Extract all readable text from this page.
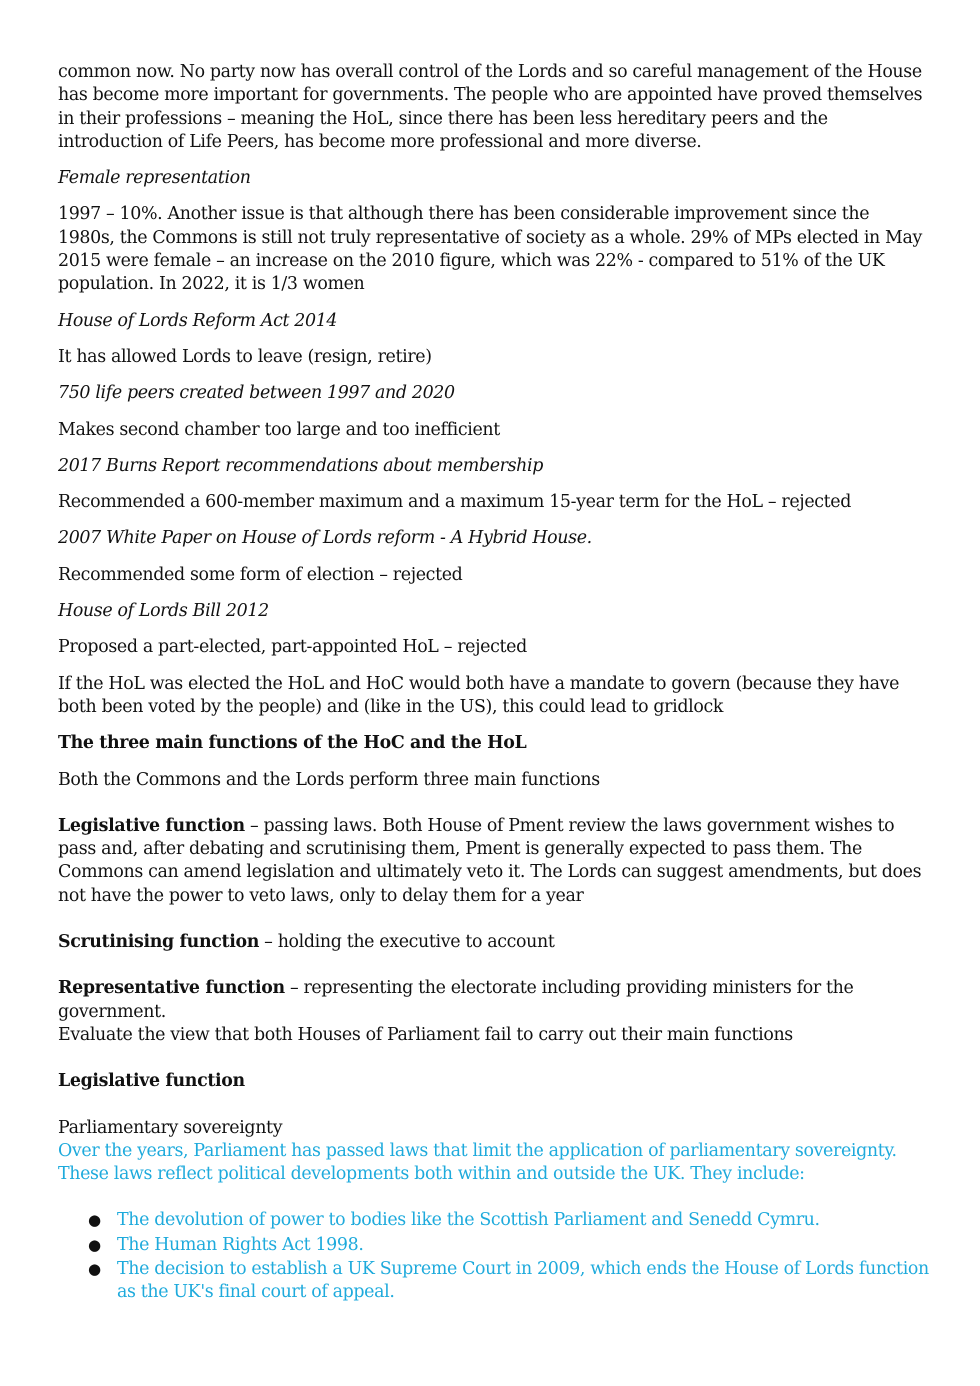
common now. No party now has overall control of the Lords and so careful management of the House has become more important for governments. The people who are appointed have proved themselves in their professions – meaning the HoL, since there has been less hereditary peers and the introduction of Life Peers, has become more professional and more diverse.

Female representation

1997 – 10%. Another issue is that although there has been considerable improvement since the 1980s, the Commons is still not truly representative of society as a whole. 29% of MPs elected in May 2015 were female – an increase on the 2010 figure, which was 22% - compared to 51% of the UK population. In 2022, it is 1/3 women

House of Lords Reform Act 2014

It has allowed Lords to leave (resign, retire)

750 life peers created between 1997 and 2020

Makes second chamber too large and too inefficient

2017 Burns Report recommendations about membership

Recommended a 600-member maximum and a maximum 15-year term for the HoL – rejected

2007 White Paper on House of Lords reform - A Hybrid House.

Recommended some form of election – rejected

House of Lords Bill 2012

Proposed a part-elected, part-appointed HoL – rejected

If the HoL was elected the HoL and HoC would both have a mandate to govern (because they have both been voted by the people) and (like in the US), this could lead to gridlock

The three main functions of the HoC and the HoL

Both the Commons and the Lords perform three main functions

Legislative function – passing laws. Both House of Pment review the laws government wishes to pass and, after debating and scrutinising them, Pment is generally expected to pass them. The Commons can amend legislation and ultimately veto it. The Lords can suggest amendments, but does not have the power to veto laws, only to delay them for a year

Scrutinising function – holding the executive to account

Representative function – representing the electorate including providing ministers for the government.

Evaluate the view that both Houses of Parliament fail to carry out their main functions

Legislative function

Parliamentary sovereignty

Over the years, Parliament has passed laws that limit the application of parliamentary sovereignty. These laws reflect political developments both within and outside the UK. They include:

● The devolution of power to bodies like the Scottish Parliament and Senedd Cymru.
● The Human Rights Act 1998.
● The decision to establish a UK Supreme Court in 2009, which ends the House of Lords function as the UK's final court of appeal.
